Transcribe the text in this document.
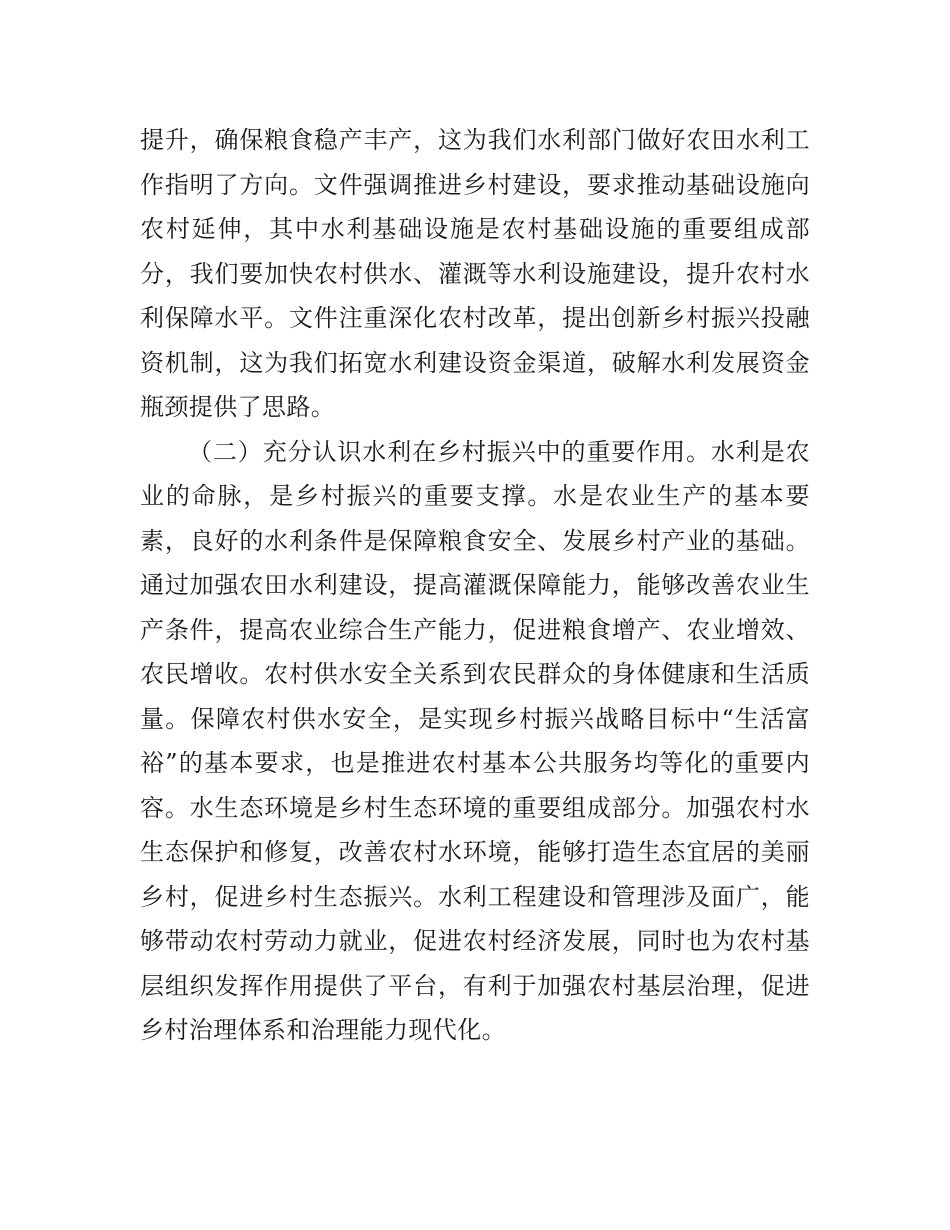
提升，确保粮食稳产丰产，这为我们水利部门做好农田水利工作指明了方向。文件强调推进乡村建设，要求推动基础设施向农村延伸，其中水利基础设施是农村基础设施的重要组成部分，我们要加快农村供水、灌溉等水利设施建设，提升农村水利保障水平。文件注重深化农村改革，提出创新乡村振兴投融资机制，这为我们拓宽水利建设资金渠道，破解水利发展资金瓶颈提供了思路。

（二）充分认识水利在乡村振兴中的重要作用。水利是农业的命脉，是乡村振兴的重要支撑。水是农业生产的基本要素，良好的水利条件是保障粮食安全、发展乡村产业的基础。通过加强农田水利建设，提高灌溉保障能力，能够改善农业生产条件，提高农业综合生产能力，促进粮食增产、农业增效、农民增收。农村供水安全关系到农民群众的身体健康和生活质量。保障农村供水安全，是实现乡村振兴战略目标中“生活富裕”的基本要求，也是推进农村基本公共服务均等化的重要内容。水生态环境是乡村生态环境的重要组成部分。加强农村水生态保护和修复，改善农村水环境，能够打造生态宜居的美丽乡村，促进乡村生态振兴。水利工程建设和管理涉及面广，能够带动农村劳动力就业，促进农村经济发展，同时也为农村基层组织发挥作用提供了平台，有利于加强农村基层治理，促进乡村治理体系和治理能力现代化。
